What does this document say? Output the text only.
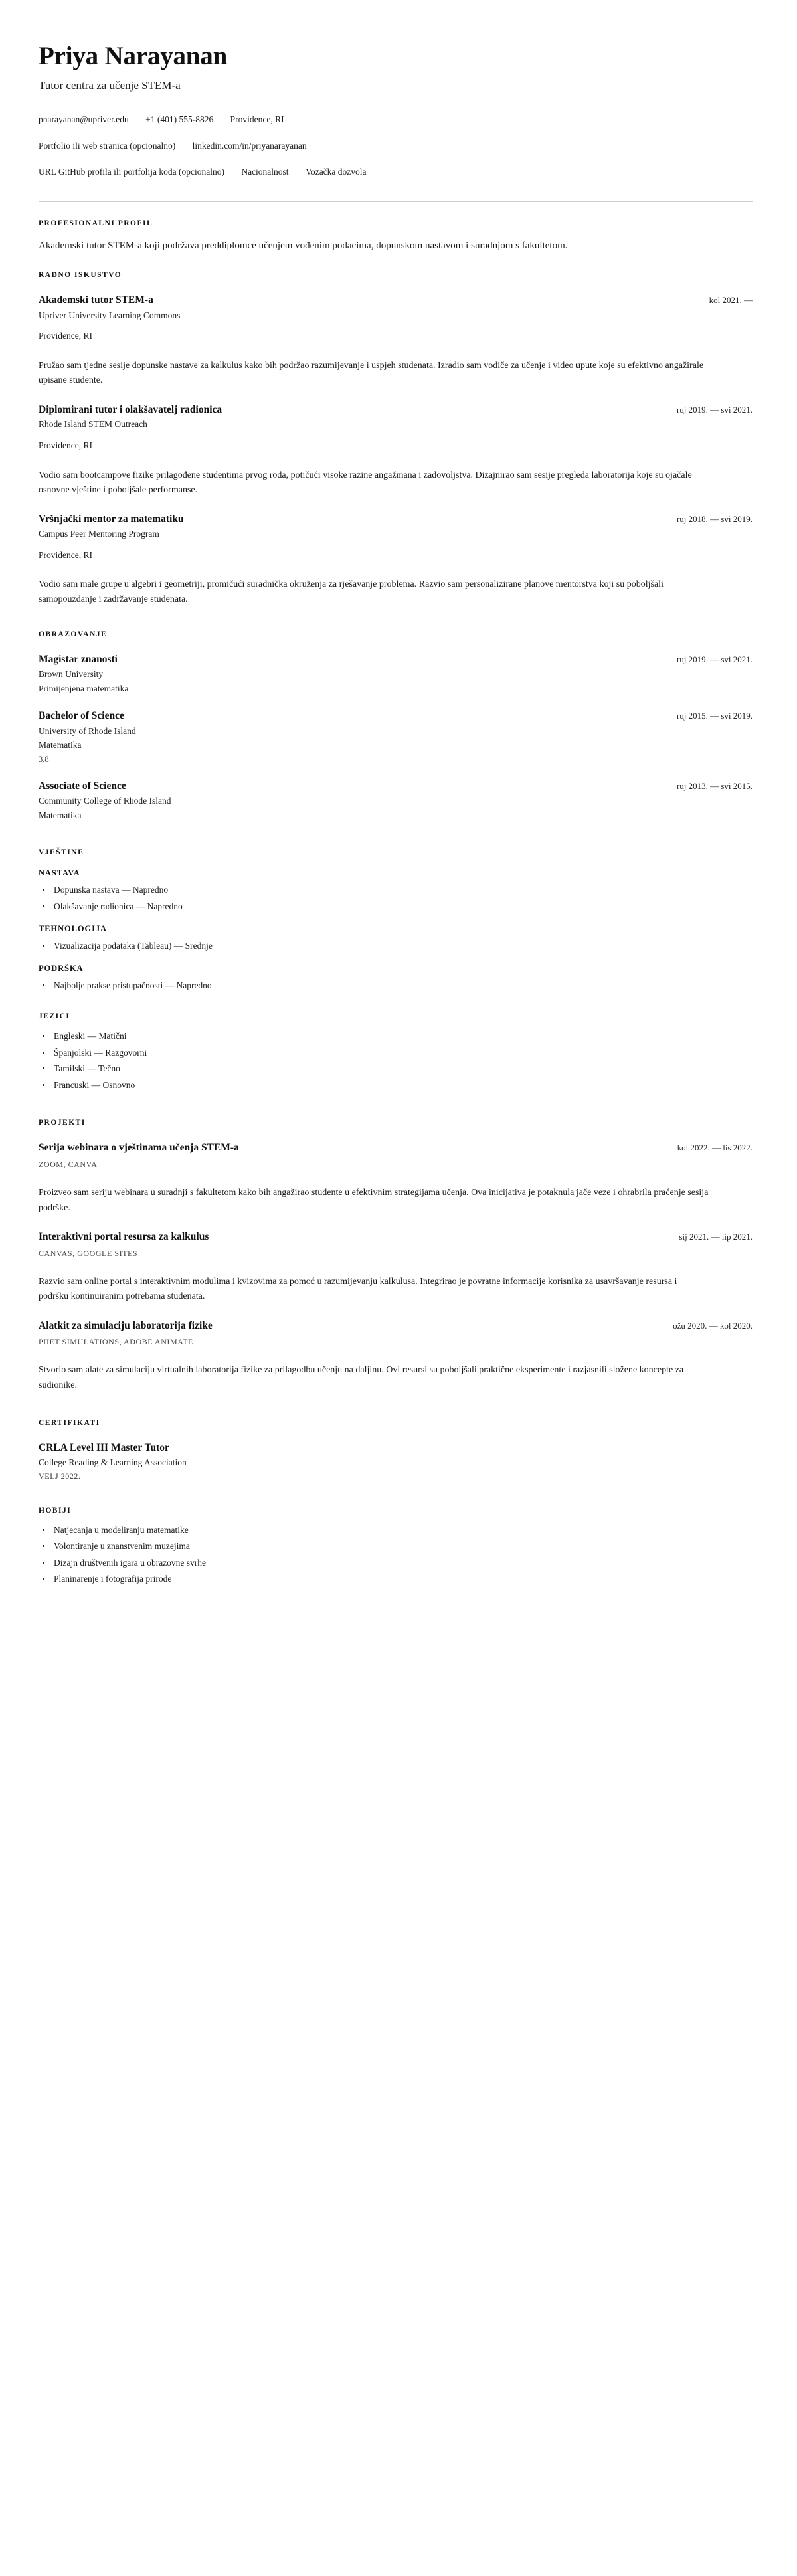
Priya Narayanan
Tutor centra za učenje STEM-a
pnarayanan@upriver.edu +1 (401) 555-8826 Providence, RI
Portfolio ili web stranica (opcionalno) linkedin.com/in/priyanarayanan
URL GitHub profila ili portfolija koda (opcionalno) Nacionalnost Vozačka dozvola
PROFESIONALNI PROFIL

Akademski tutor STEM-a koji podržava preddiplomce učenjem vođenim podacima, dopunskom nastavom i suradnjom s fakultetom.

RADNO ISKUSTVO
Akademski tutor STEM-a	kol 2021. —
Upriver University Learning Commons
Providence, RI

Pružao sam tjedne sesije dopunske nastave za kalkulus kako bih podržao razumijevanje i uspjeh studenata. Izradio sam vodiče za učenje i video upute koje su efektivno angažirale upisane studente.

Diplomirani tutor i olakšavatelj radionica	ruj 2019. — svi 2021.
Rhode Island STEM Outreach
Providence, RI

Vodio sam bootcampove fizike prilagođene studentima prvog roda, potičući visoke razine angažmana i zadovoljstva. Dizajnirao sam sesije pregleda laboratorija koje su ojačale osnovne vještine i poboljšale performanse.

Vršnjački mentor za matematiku	ruj 2018. — svi 2019.
Campus Peer Mentoring Program
Providence, RI

Vodio sam male grupe u algebri i geometriji, promičući suradnička okruženja za rješavanje problema. Razvio sam personalizirane planove mentorstva koji su poboljšali samopouzdanje i zadržavanje studenata.

OBRAZOVANJE
Magistar znanosti	ruj 2019. — svi 2021.
Brown University
Primijenjena matematika
Bachelor of Science	ruj 2015. — svi 2019.
University of Rhode Island
Matematika
3.8
Associate of Science	ruj 2013. — svi 2015.
Community College of Rhode Island
Matematika
VJEŠTINE
NASTAVA
Dopunska nastava — Napredno
Olakšavanje radionica — Napredno
TEHNOLOGIJA
Vizualizacija podataka (Tableau) — Srednje
PODRŠKA
Najbolje prakse pristupačnosti — Napredno
JEZICI
Engleski — Matični
Španjolski — Razgovorni
Tamilski — Tečno
Francuski — Osnovno
PROJEKTI
Serija webinara o vještinama učenja STEM-a	kol 2022. — lis 2022.
ZOOM, CANVA

Proizveo sam seriju webinara u suradnji s fakultetom kako bih angažirao studente u efektivnim strategijama učenja. Ova inicijativa je potaknula jače veze i ohrabrila praćenje sesija podrške.

Interaktivni portal resursa za kalkulus	sij 2021. — lip 2021.
CANVAS, GOOGLE SITES

Razvio sam online portal s interaktivnim modulima i kvizovima za pomoć u razumijevanju kalkulusa. Integrirao je povratne informacije korisnika za usavršavanje resursa i podršku kontinuiranim potrebama studenata.

Alatkit za simulaciju laboratorija fizike	ožu 2020. — kol 2020.
PHET SIMULATIONS, ADOBE ANIMATE

Stvorio sam alate za simulaciju virtualnih laboratorija fizike za prilagodbu učenju na daljinu. Ovi resursi su poboljšali praktične eksperimente i razjasnili složene koncepte za sudionike.

CERTIFIKATI
CRLA Level III Master Tutor
College Reading & Learning Association
VELJ 2022.
HOBIJI
Natjecanja u modeliranju matematike
Volontiranje u znanstvenim muzejima
Dizajn društvenih igara u obrazovne svrhe
Planinarenje i fotografija prirode
